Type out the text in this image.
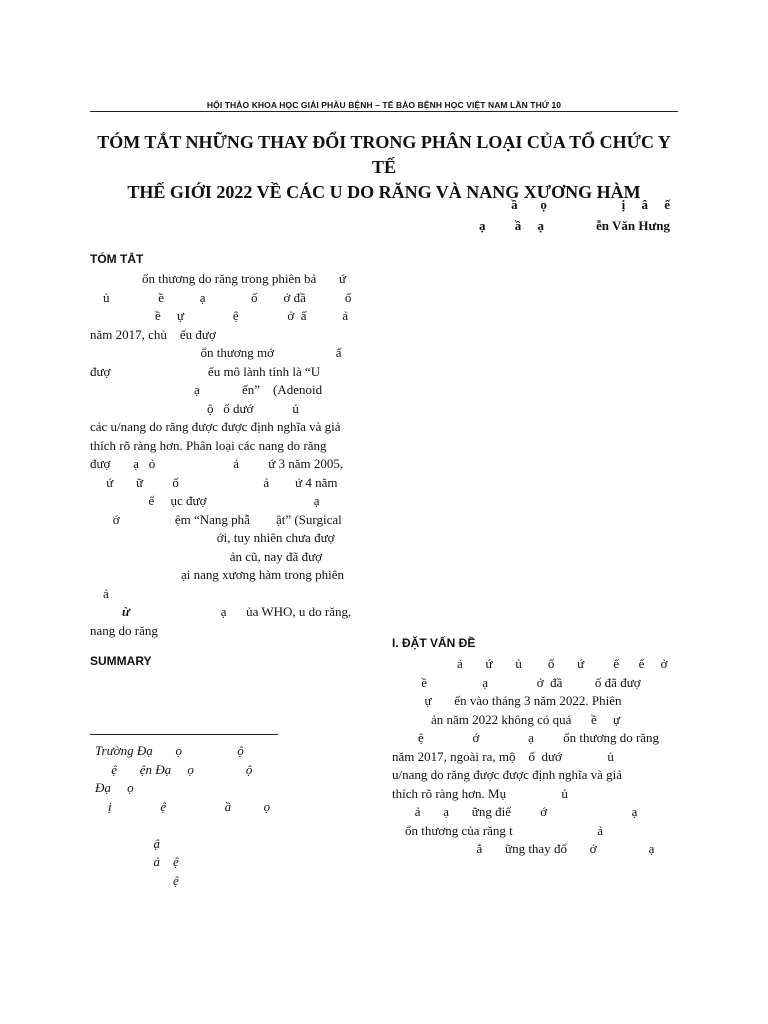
HỘI THẢO KHOA HỌC GIẢI PHẪU BỆNH – TẾ BÀO BỆNH HỌC VIỆT NAM LẦN THỨ 10
TÓM TẮT NHỮNG THAY ĐỔI TRONG PHÂN LOẠI CỦA TỔ CHỨC Y TẾ
THẾ GIỚI 2022 VỀ CÁC U DO RĂNG VÀ NANG XƯƠNG HÀM
ầ       ọ                       ị     â     ế
ạ         ầ     ạ                ễn Văn Hưng
TÓM TẮT
ổn thương do răng trong phiên bả       ứ
ủ               ề           ạ              ố        ở đầ            ố
ề     ự               ệ               ở  ấ           ả
năm 2017, chủ    ếu đượ
ổn thương mớ                   ấ
đượ                              ếu mô lành tính là “U
ạ             ến”    (Adenoid
ộ   ố dướ            ủ
các u/nang do răng được được định nghĩa và giả
thích rõ ràng hơn. Phân loại các nang do răng
đượ       ạ   ỏ                        ả         ứ 3 năm 2005,
ứ       ữ         ổ                          ả        ứ 4 năm
ế     ục đượ                                 ạ
ớ                 ệm “Nang phẫ        ật” (Surgical
ới, tuy nhiên chưa đượ
ản cũ, nay đã đượ
ại nang xương hàm trong phiên
ả
ừ                            ạ      ủa WHO, u do răng,
nang do răng
SUMMARY
Trường Đạ       ọ                 ộ
ệ       ện Đạ     ọ                ộ
Đạ     ọ
ị               ệ                  ầ          ọ

ậ
ả    ệ
ệ
I. ĐẶT VẤN ĐỀ
ả       ứ       ủ        ố       ứ         ế      ế     ở
ề                 ạ               ở  đầ          ố đã đượ
ự       ến vào tháng 3 năm 2022. Phiên
ản năm 2022 không có quá      ề     ự
ệ               ớ               ạ         ổn thương do răng
năm 2017, ngoài ra, mộ    ố  dướ              ủ
u/nang do răng được được định nghĩa và giả
thích rõ ràng hơn. Mụ                 ủ
ả       ạ       ững điể         ớ                          ạ
ổn thương của răng t                          ả
ắ       ững thay đổ       ớ                ạ
